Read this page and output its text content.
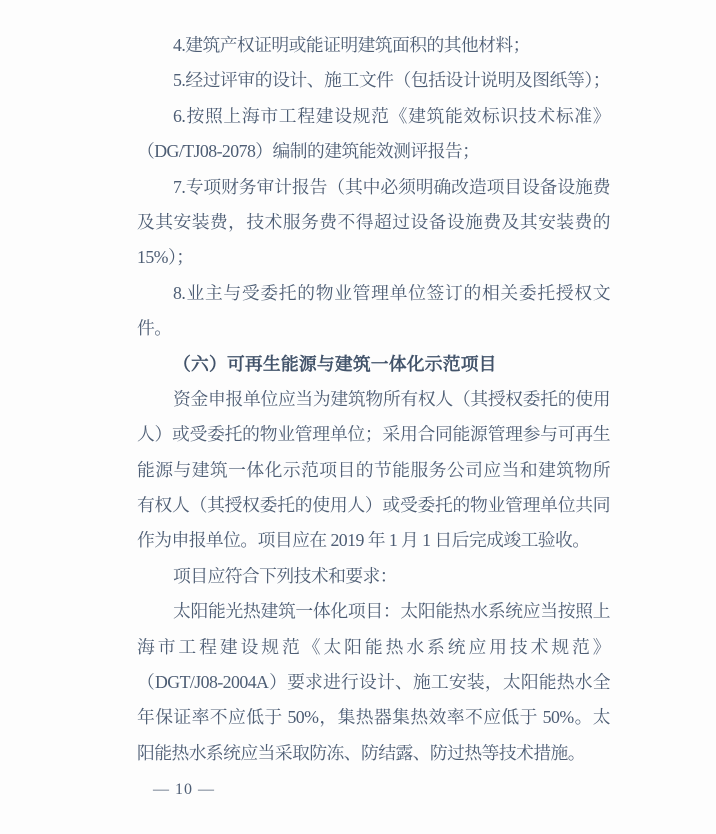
4.建筑产权证明或能证明建筑面积的其他材料；
5.经过评审的设计、施工文件（包括设计说明及图纸等）；
6.按照上海市工程建设规范《建筑能效标识技术标准》
（DG/TJ08-2078）编制的建筑能效测评报告；
7.专项财务审计报告（其中必须明确改造项目设备设施费
及其安装费，技术服务费不得超过设备设施费及其安装费的
15%）；
8.业主与受委托的物业管理单位签订的相关委托授权文
件。
（六）可再生能源与建筑一体化示范项目
资金申报单位应当为建筑物所有权人（其授权委托的使用
人）或受委托的物业管理单位；采用合同能源管理参与可再生
能源与建筑一体化示范项目的节能服务公司应当和建筑物所
有权人（其授权委托的使用人）或受委托的物业管理单位共同
作为申报单位。项目应在 2019 年 1 月 1 日后完成竣工验收。
项目应符合下列技术和要求：
太阳能光热建筑一体化项目：太阳能热水系统应当按照上
海市工程建设规范《太阳能热水系统应用技术规范》
（DGT/J08-2004A）要求进行设计、施工安装，太阳能热水全
年保证率不应低于 50%，集热器集热效率不应低于 50%。太
阳能热水系统应当采取防冻、防结露、防过热等技术措施。
— 10 —
